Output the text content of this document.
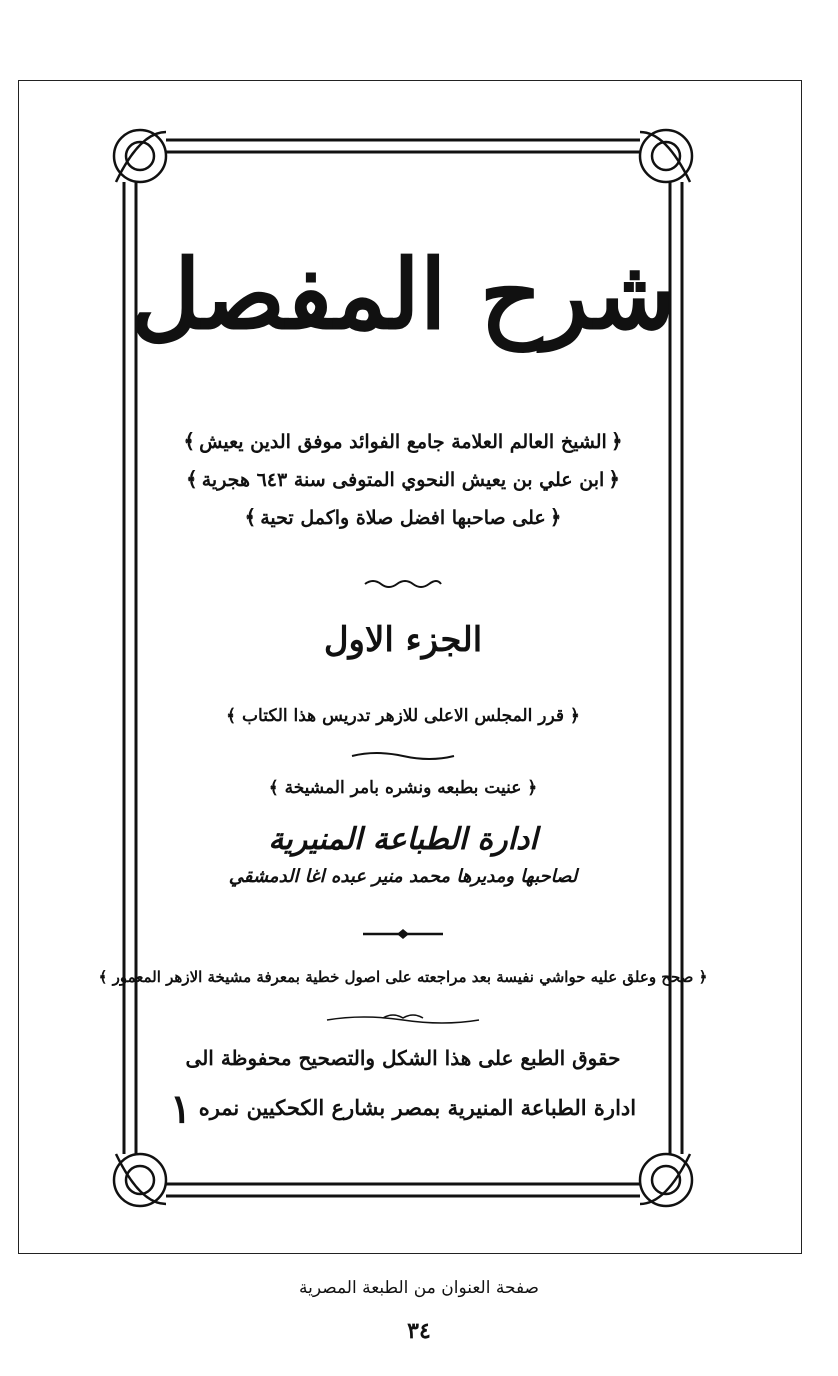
شرح المفصل
﴿الشيخ العالم العلامة جامع الفوائد موفق الدين يعيش﴾
﴿ابن علي بن يعيش النحوي المتوفى سنة ٦٤٣ هجرية﴾
﴿على صاحبها افضل صلاة واكمل تحية﴾
الجزء الاول
﴿ قرر المجلس الاعلى للازهر تدريس هذا الكتاب ﴾
﴿ عنيت بطبعه ونشره بامر المشيخة ﴾
ادارة الطباعة المنيرية
لصاحبها ومديرها محمد منير عبده اغا الدمشقي
﴿ صحح وعلق عليه حواشي نفيسة بعد مراجعته على اصول خطية بمعرفة مشيخة الازهر المعمور ﴾
حقوق الطبع على هذا الشكل والتصحيح محفوظة الى
ادارة الطباعة المنيرية بمصر بشارع الكحكيين نمره ١
صفحة العنوان من الطبعة المصرية
٣٤
